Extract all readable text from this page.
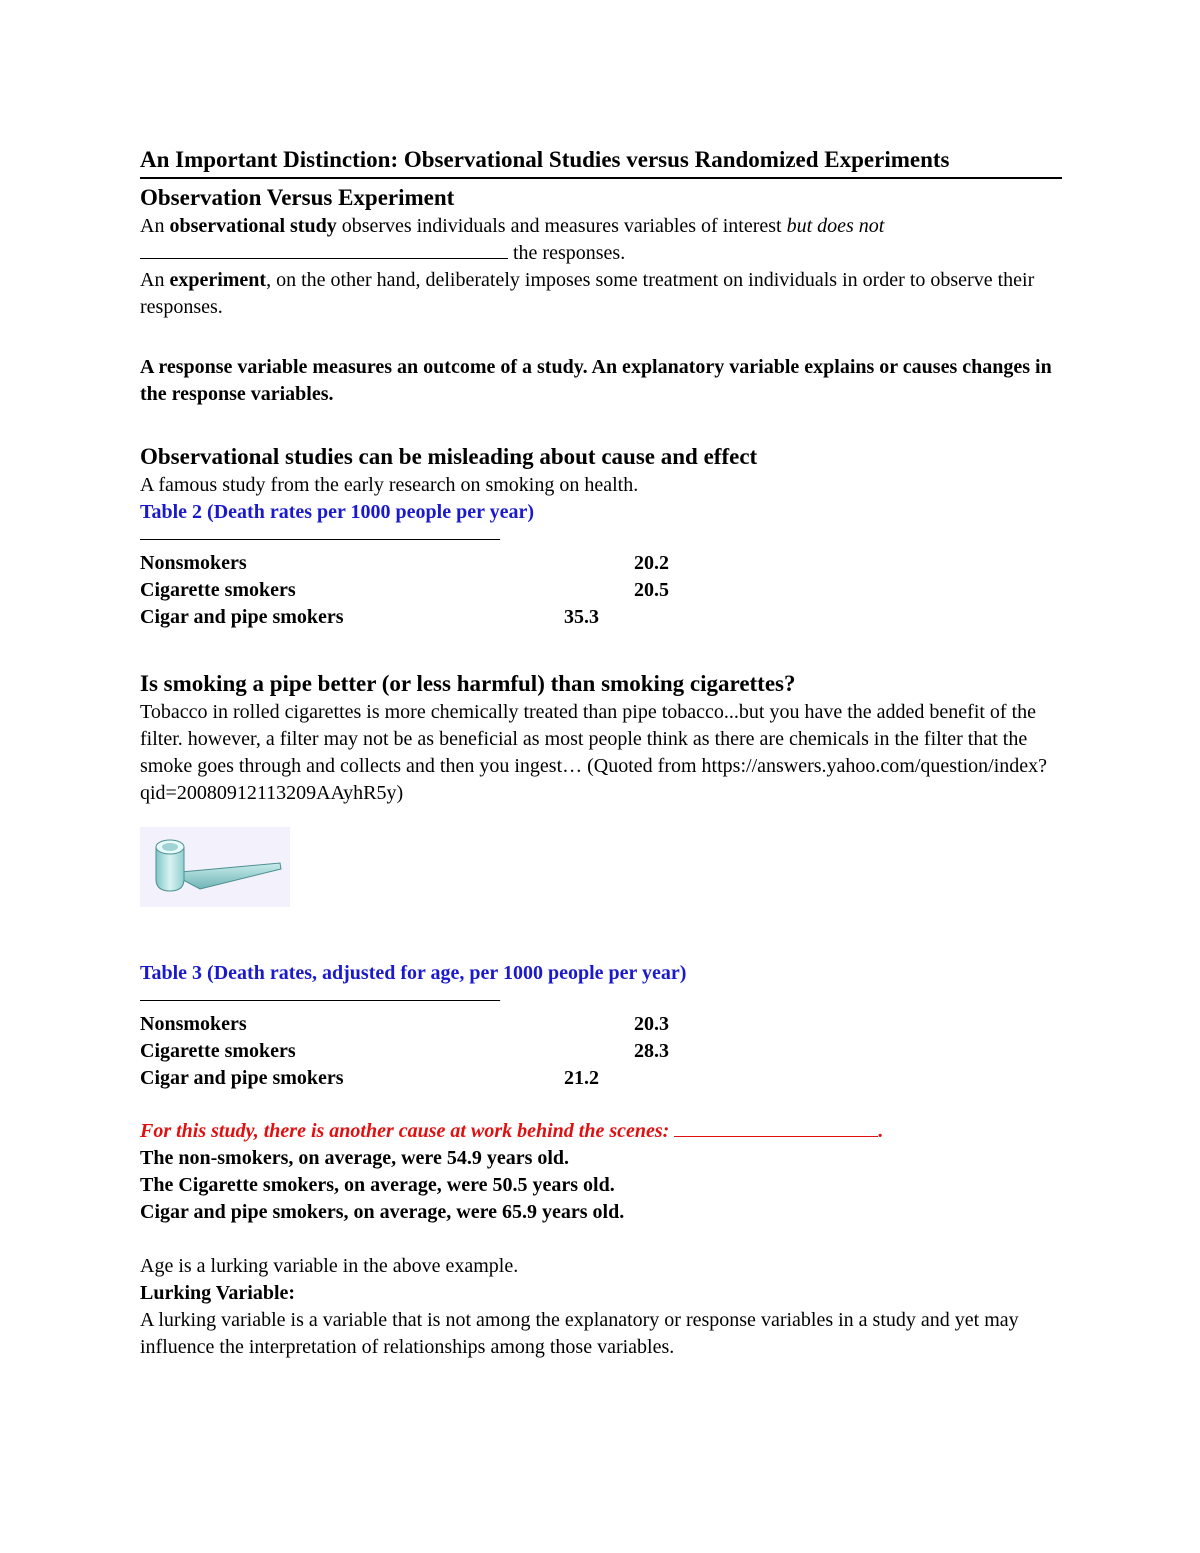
An Important Distinction: Observational Studies versus Randomized Experiments
Observation Versus Experiment

An observational study observes individuals and measures variables of interest but does not
the responses.

An experiment, on the other hand, deliberately imposes some treatment on individuals in order to observe their responses.

A response variable measures an outcome of a study. An explanatory variable explains or causes changes in the response variables.

Observational studies can be misleading about cause and effect

A famous study from the early research on smoking on health.

Table 2 (Death rates per 1000 people per year)

——————————————————
Nonsmokers	20.2
Cigarette smokers	20.5
Cigar and pipe smokers	35.3
Is smoking a pipe better (or less harmful) than smoking cigarettes?

Tobacco in rolled cigarettes is more chemically treated than pipe tobacco...but you have the added benefit of the filter. however, a filter may not be as beneficial as most people think as there are chemicals in the filter that the smoke goes through and collects and then you ingest… (Quoted from https://answers.yahoo.com/question/index?qid=20080912113209AAyhR5y)

Table 3 (Death rates, adjusted for age, per 1000 people per year)

——————————————————
Nonsmokers	20.3
Cigarette smokers	28.3
Cigar and pipe smokers	21.2

For this study, there is another cause at work behind the scenes:	.

The non-smokers, on average, were 54.9 years old.

The Cigarette smokers, on average, were 50.5 years old.

Cigar and pipe smokers, on average, were 65.9 years old.

Age is a lurking variable in the above example.

Lurking Variable:

A lurking variable is a variable that is not among the explanatory or response variables in a study and yet may influence the interpretation of relationships among those variables.
